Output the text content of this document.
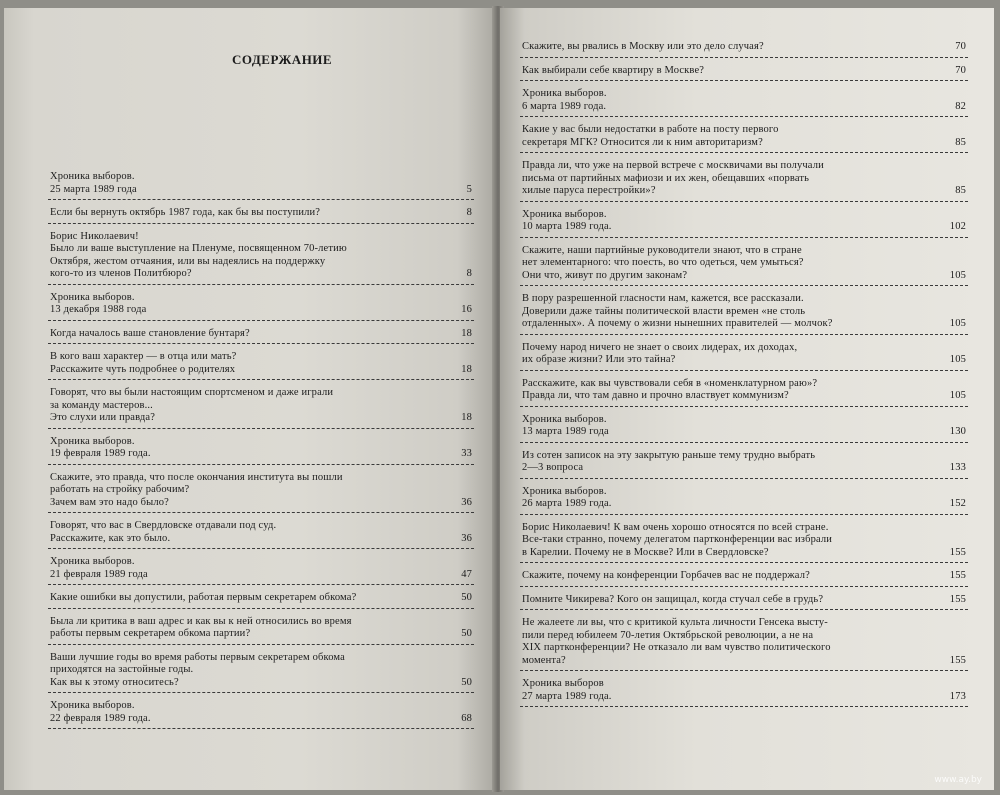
СОДЕРЖАНИЕ
Хроника выборов.
25 марта 1989 года	5
Если бы вернуть октябрь 1987 года, как бы вы поступили?	8
Борис Николаевич!
Было ли ваше выступление на Пленуме, посвященном 70-летию
Октября, жестом отчаяния, или вы надеялись на поддержку
кого-то из членов Политбюро?	8
Хроника выборов.
13 декабря 1988 года	16
Когда началось ваше становление бунтаря?	18
В кого ваш характер — в отца или мать?
Расскажите чуть подробнее о родителях	18
Говорят, что вы были настоящим спортсменом и даже играли
за команду мастеров...
Это слухи или правда?	18
Хроника выборов.
19 февраля 1989 года.	33
Скажите, это правда, что после окончания института вы пошли
работать на стройку рабочим?
Зачем вам это надо было?	36
Говорят, что вас в Свердловске отдавали под суд.
Расскажите, как это было.	36
Хроника выборов.
21 февраля 1989 года	47
Какие ошибки вы допустили, работая первым секретарем обкома?	50
Была ли критика в ваш адрес и как вы к ней относились во время
работы первым секретарем обкома партии?	50
Ваши лучшие годы во время работы первым секретарем обкома
приходятся на застойные годы.
Как вы к этому относитесь?	50
Хроника выборов.
22 февраля 1989 года.	68
Скажите, вы рвались в Москву или это дело случая?	70
Как выбирали себе квартиру в Москве?	70
Хроника выборов.
6 марта 1989 года.	82
Какие у вас были недостатки в работе на посту первого
секретаря МГК? Относится ли к ним авторитаризм?	85
Правда ли, что уже на первой встрече с москвичами вы получали
письма от партийных мафиози и их жен, обещавших «порвать
хилые паруса перестройки»?	85
Хроника выборов.
10 марта 1989 года.	102
Скажите, наши партийные руководители знают, что в стране
нет элементарного: что поесть, во что одеться, чем умыться?
Они что, живут по другим законам?	105
В пору разрешенной гласности нам, кажется, все рассказали.
Доверили даже тайны политической власти времен «не столь
отдаленных». А почему о жизни нынешних правителей — молчок?	105
Почему народ ничего не знает о своих лидерах, их доходах,
их образе жизни? Или это тайна?	105
Расскажите, как вы чувствовали себя в «номенклатурном раю»?
Правда ли, что там давно и прочно властвует коммунизм?	105
Хроника выборов.
13 марта 1989 года	130
Из сотен записок на эту закрытую раньше тему трудно выбрать
2—3 вопроса	133
Хроника выборов.
26 марта 1989 года.	152
Борис Николаевич! К вам очень хорошо относятся по всей стране.
Все-таки странно, почему делегатом партконференции вас избрали
в Карелии. Почему не в Москве? Или в Свердловске?	155
Скажите, почему на конференции Горбачев вас не поддержал?	155
Помните Чикирева? Кого он защищал, когда стучал себе в грудь?	155
Не жалеете ли вы, что с критикой культа личности Генсека высту-
пили перед юбилеем 70-летия Октябрьской революции, а не на
XIX партконференции? Не отказало ли вам чувство политического
момента?	155
Хроника выборов
27 марта 1989 года.	173
www.ay.by
